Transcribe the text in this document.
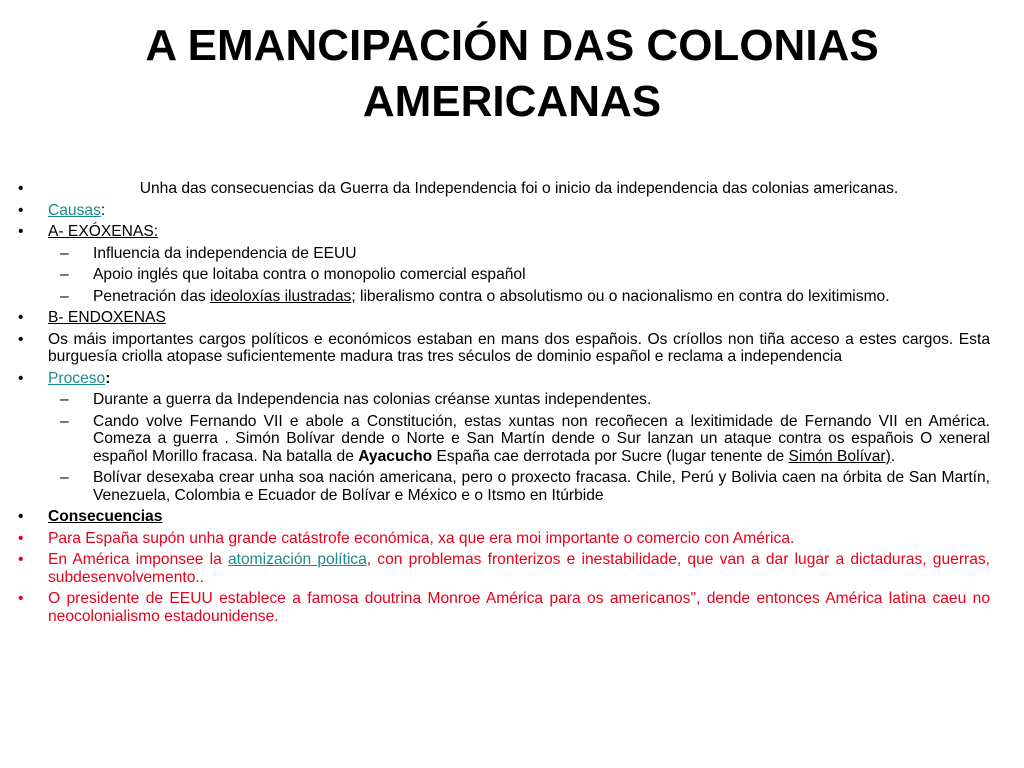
A EMANCIPACIÓN DAS COLONIAS
AMERICANAS
•	Unha das consecuencias da Guerra da Independencia foi o inicio da independencia das colonias americanas.
• Causas:
• A- EXÓXENAS:
– Influencia da independencia de EEUU
– Apoio inglés que loitaba contra o monopolio comercial español
– Penetración das ideoloxías ilustradas; liberalismo contra o absolutismo ou o nacionalismo en contra do lexitimismo.
• B- ENDOXENAS
• Os máis importantes cargos políticos e económicos estaban en mans dos españois. Os críollos non tiña acceso a estes cargos. Esta burguesía criolla atopase suficientemente madura tras tres séculos de dominio español e reclama a independencia
• Proceso:
– Durante a guerra da Independencia nas colonias créanse xuntas independentes.
– Cando volve Fernando VII e abole a Constitución, estas xuntas non recoñecen a lexitimidade de Fernando VII en América. Comeza a guerra . Simón Bolívar dende o Norte e San Martín dende o Sur lanzan un ataque contra os españois O xeneral español Morillo fracasa. Na batalla de Ayacucho España cae derrotada por Sucre (lugar tenente de Simón Bolívar).
– Bolívar desexaba crear unha soa nación americana, pero o proxecto fracasa. Chile, Perú y Bolivia caen na órbita de San Martín, Venezuela, Colombia e Ecuador de Bolívar e México e o Itsmo en Itúrbide
• Consecuencias
• Para España supón unha grande catástrofe económica, xa que era moi importante o comercio con América.
• En América imponsee la atomización política, con problemas fronterizos e inestabilidade, que van a dar lugar a dictaduras, guerras, subdesenvolvemento..
• O presidente de EEUU establece a famosa doutrina Monroe América para os americanos", dende entonces América latina caeu no neocolonialismo estadounidense.
